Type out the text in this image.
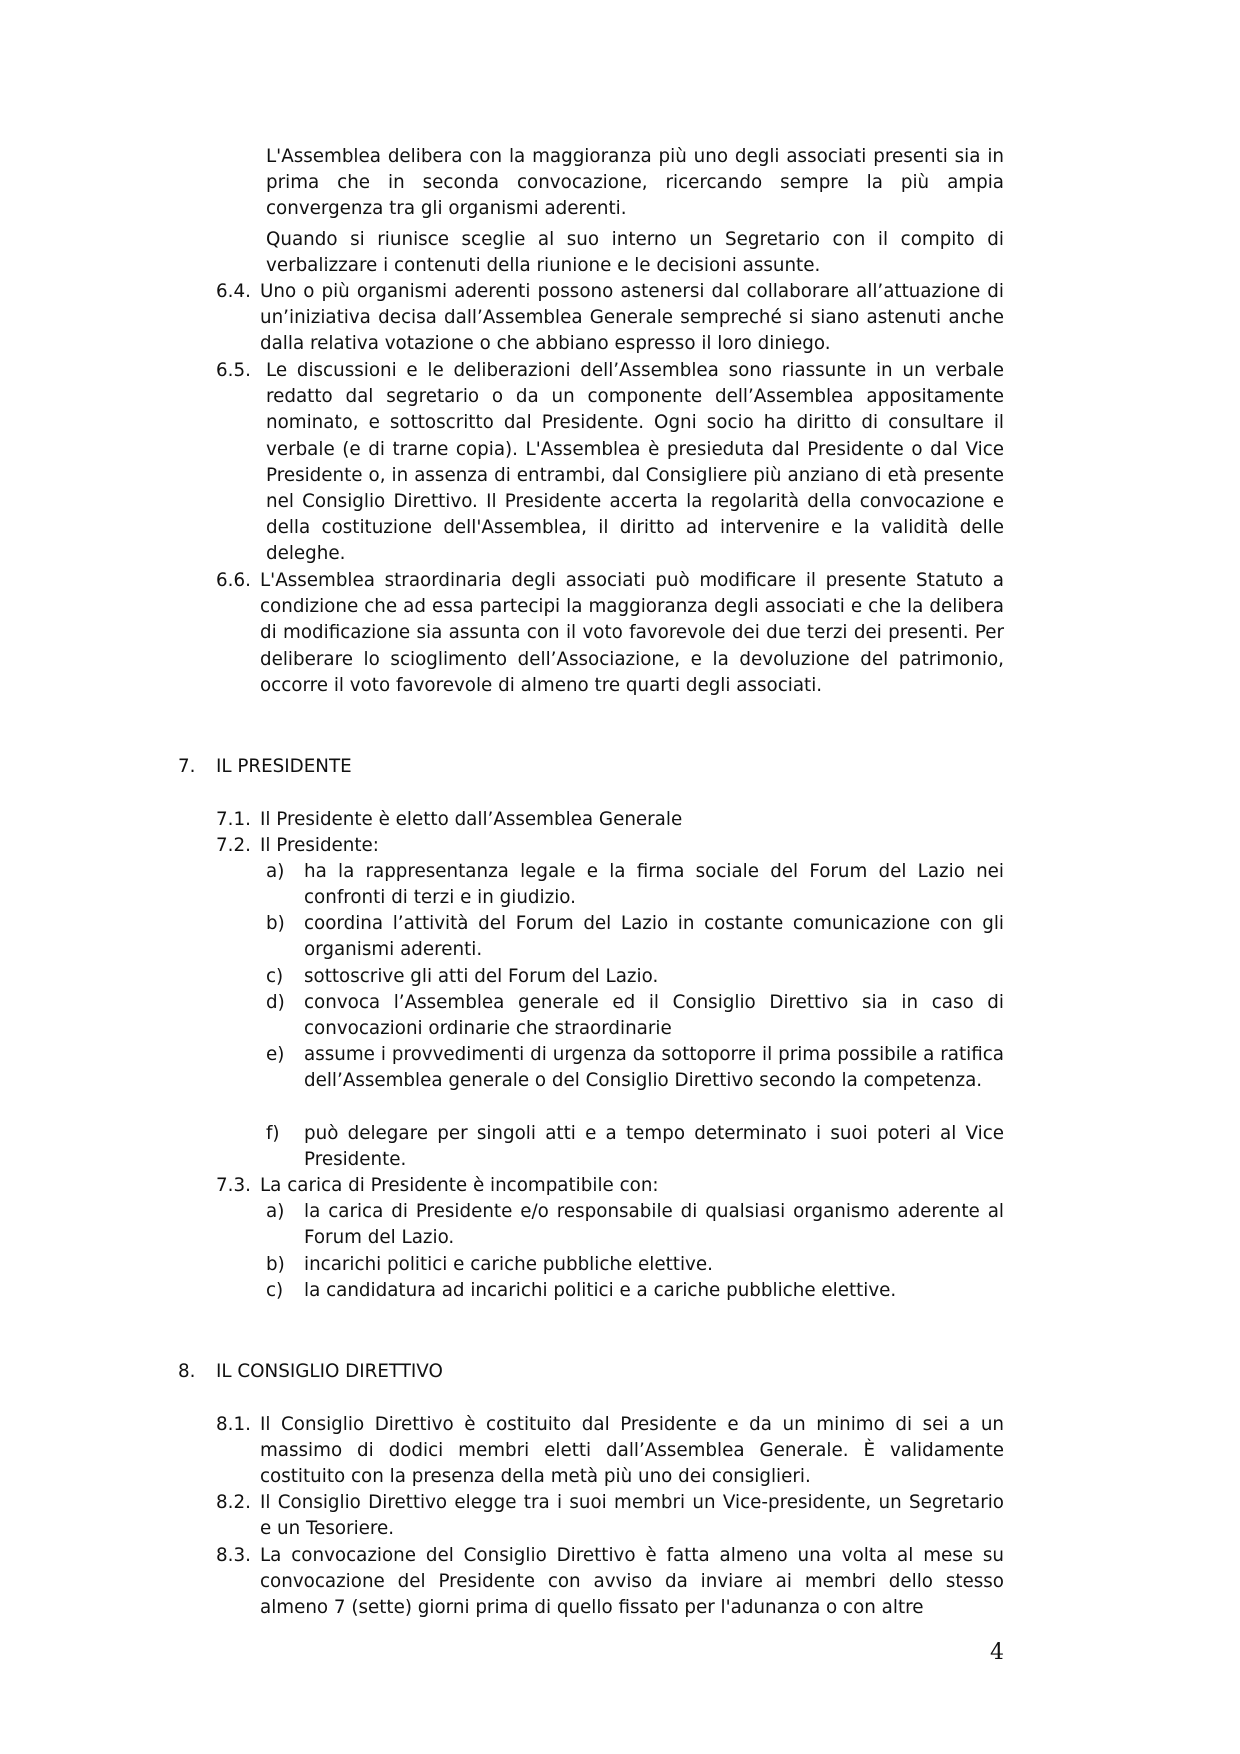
L'Assemblea delibera con la maggioranza più uno degli associati presenti sia in prima che in seconda convocazione, ricercando sempre la più ampia convergenza tra gli organismi aderenti.

Quando si riunisce sceglie al suo interno un Segretario con il compito di verbalizzare i contenuti della riunione e le decisioni assunte.

6.4. Uno o più organismi aderenti possono astenersi dal collaborare all’attuazione di un’iniziativa decisa dall’Assemblea Generale sempreché si siano astenuti anche dalla relativa votazione o che abbiano espresso il loro diniego.
6.5. Le discussioni e le deliberazioni dell’Assemblea sono riassunte in un verbale redatto dal segretario o da un componente dell’Assemblea appositamente nominato, e sottoscritto dal Presidente. Ogni socio ha diritto di consultare il verbale (e di trarne copia). L'Assemblea è presieduta dal Presidente o dal Vice Presidente o, in assenza di entrambi, dal Consigliere più anziano di età presente nel Consiglio Direttivo. Il Presidente accerta la regolarità della convocazione e della costituzione dell'Assemblea, il diritto ad intervenire e la validità delle deleghe.
6.6. L'Assemblea straordinaria degli associati può modificare il presente Statuto a condizione che ad essa partecipi la maggioranza degli associati e che la delibera di modificazione sia assunta con il voto favorevole dei due terzi dei presenti. Per deliberare lo scioglimento dell’Associazione, e la devoluzione del patrimonio, occorre il voto favorevole di almeno tre quarti degli associati.
7. IL PRESIDENTE
7.1. Il Presidente è eletto dall’Assemblea Generale
7.2. Il Presidente:
a) ha la rappresentanza legale e la firma sociale del Forum del Lazio nei confronti di terzi e in giudizio.
b) coordina l’attività del Forum del Lazio in costante comunicazione con gli organismi aderenti.
c) sottoscrive gli atti del Forum del Lazio.
d) convoca l’Assemblea generale ed il Consiglio Direttivo sia in caso di convocazioni ordinarie che straordinarie
e) assume i provvedimenti di urgenza da sottoporre il prima possibile a ratifica dell’Assemblea generale o del Consiglio Direttivo secondo la competenza.
f) può delegare per singoli atti e a tempo determinato i suoi poteri al Vice Presidente.
7.3. La carica di Presidente è incompatibile con:
a) la carica di Presidente e/o responsabile di qualsiasi organismo aderente al Forum del Lazio.
b) incarichi politici e cariche pubbliche elettive.
c) la candidatura ad incarichi politici e a cariche pubbliche elettive.
8. IL CONSIGLIO DIRETTIVO
8.1. Il Consiglio Direttivo è costituito dal Presidente e da un minimo di sei a un massimo di dodici membri eletti dall’Assemblea Generale. È validamente costituito con la presenza della metà più uno dei consiglieri.
8.2. Il Consiglio Direttivo elegge tra i suoi membri un Vice-presidente, un Segretario e un Tesoriere.
8.3. La convocazione del Consiglio Direttivo è fatta almeno una volta al mese su convocazione del Presidente con avviso da inviare ai membri dello stesso almeno 7 (sette) giorni prima di quello fissato per l'adunanza o con altre
4
